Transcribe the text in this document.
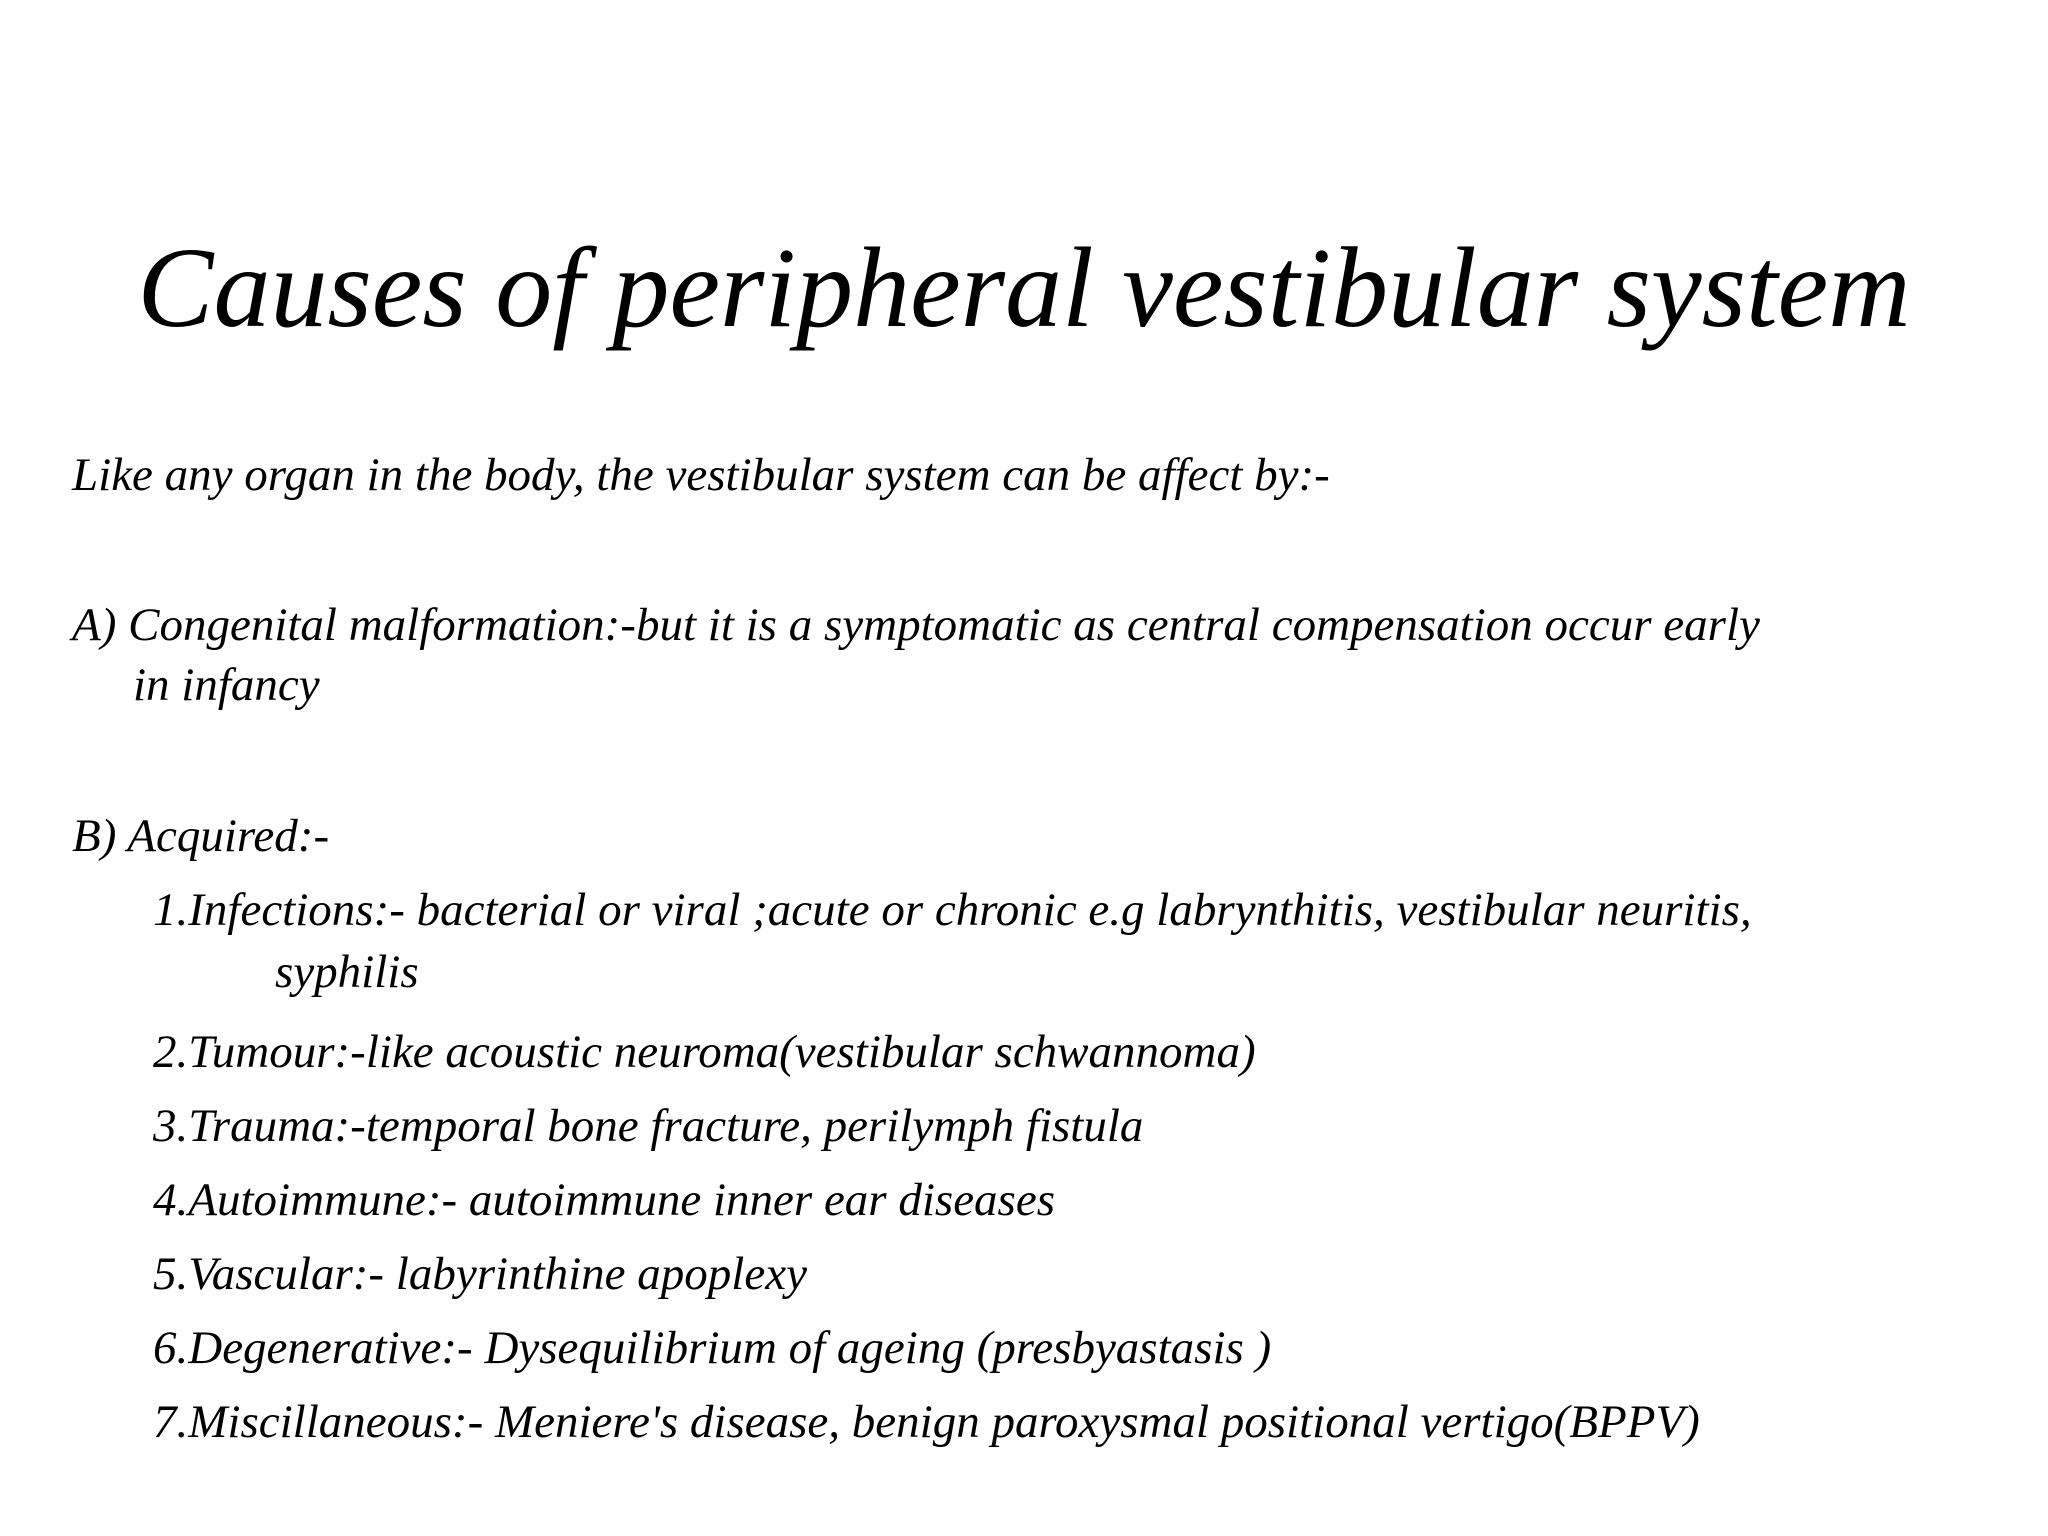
Causes of peripheral vestibular system
Like any organ in the body, the vestibular system can be affect by:-
A) Congenital malformation:-but it is a symptomatic as central compensation occur early
in infancy
B) Acquired:-
1.Infections:- bacterial or viral ;acute or chronic e.g labrynthitis, vestibular neuritis,
syphilis
2.Tumour:-like acoustic neuroma(vestibular schwannoma)
3.Trauma:-temporal bone fracture, perilymph fistula
4.Autoimmune:- autoimmune inner ear diseases
5.Vascular:- labyrinthine apoplexy
6.Degenerative:- Dysequilibrium of ageing (presbyastasis )
7.Miscillaneous:- Meniere's disease, benign paroxysmal positional vertigo(BPPV)
